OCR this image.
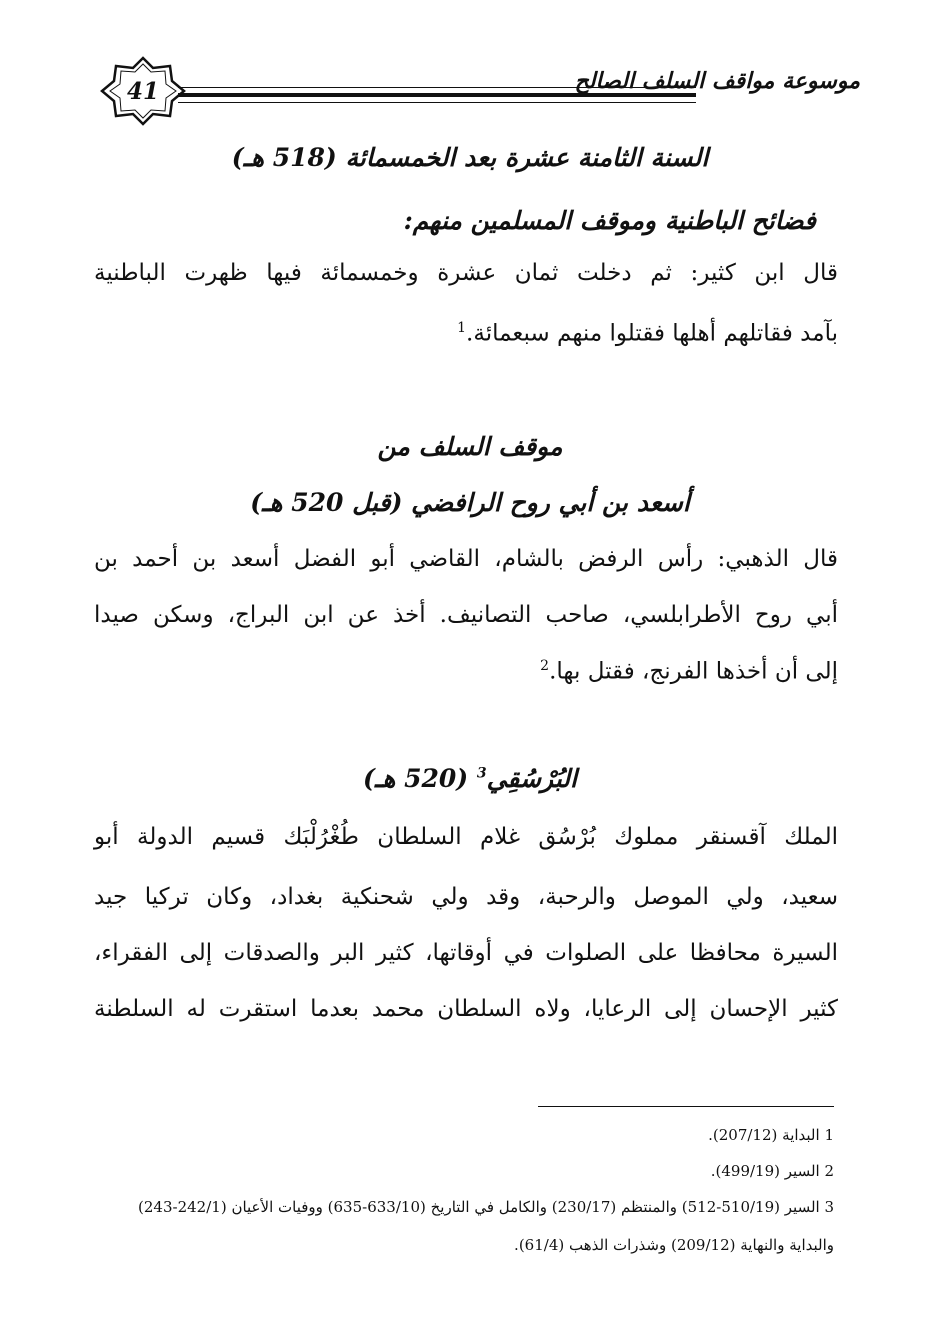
41	موسوعة مواقف السلف الصالح
السنة الثامنة عشرة بعد الخمسمائة (518 هـ)
فضائح الباطنية وموقف المسلمين منهم:
قال ابن كثير: ثم دخلت ثمان عشرة وخمسمائة فيها ظهرت الباطنية
بآمد فقاتلهم أهلها فقتلوا منهم سبعمائة.$^1$
موقف السلف من
أسعد بن أبي روح الرافضي (قبل 520 هـ)
قال الذهبي: رأس الرفض بالشام، القاضي أبو الفضل أسعد بن أحمد بن
أبي روح الأطرابلسي، صاحب التصانيف. أخذ عن ابن البراج، وسكن صيدا
إلى أن أخذها الفرنج، فقتل بها.$^2$
البُرْسُقِي$^3$ (520 هـ)
الملك آقسنقر مملوك بُرْسُق غلام السلطان طُغْرُلْبَك قسيم الدولة أبو
سعيد، ولي الموصل والرحبة، وقد ولي شحنكية بغداد، وكان تركيا جيد
السيرة محافظا على الصلوات في أوقاتها، كثير البر والصدقات إلى الفقراء،
كثير الإحسان إلى الرعايا، ولاه السلطان محمد بعدما استقرت له السلطنة
1 البداية (207/12).
2 السير (499/19).
3 السير (510/19-512) والمنتظم (230/17) والكامل في التاريخ (633/10-635) ووفيات الأعيان (242/1-243)
والبداية والنهاية (209/12) وشذرات الذهب (61/4).
